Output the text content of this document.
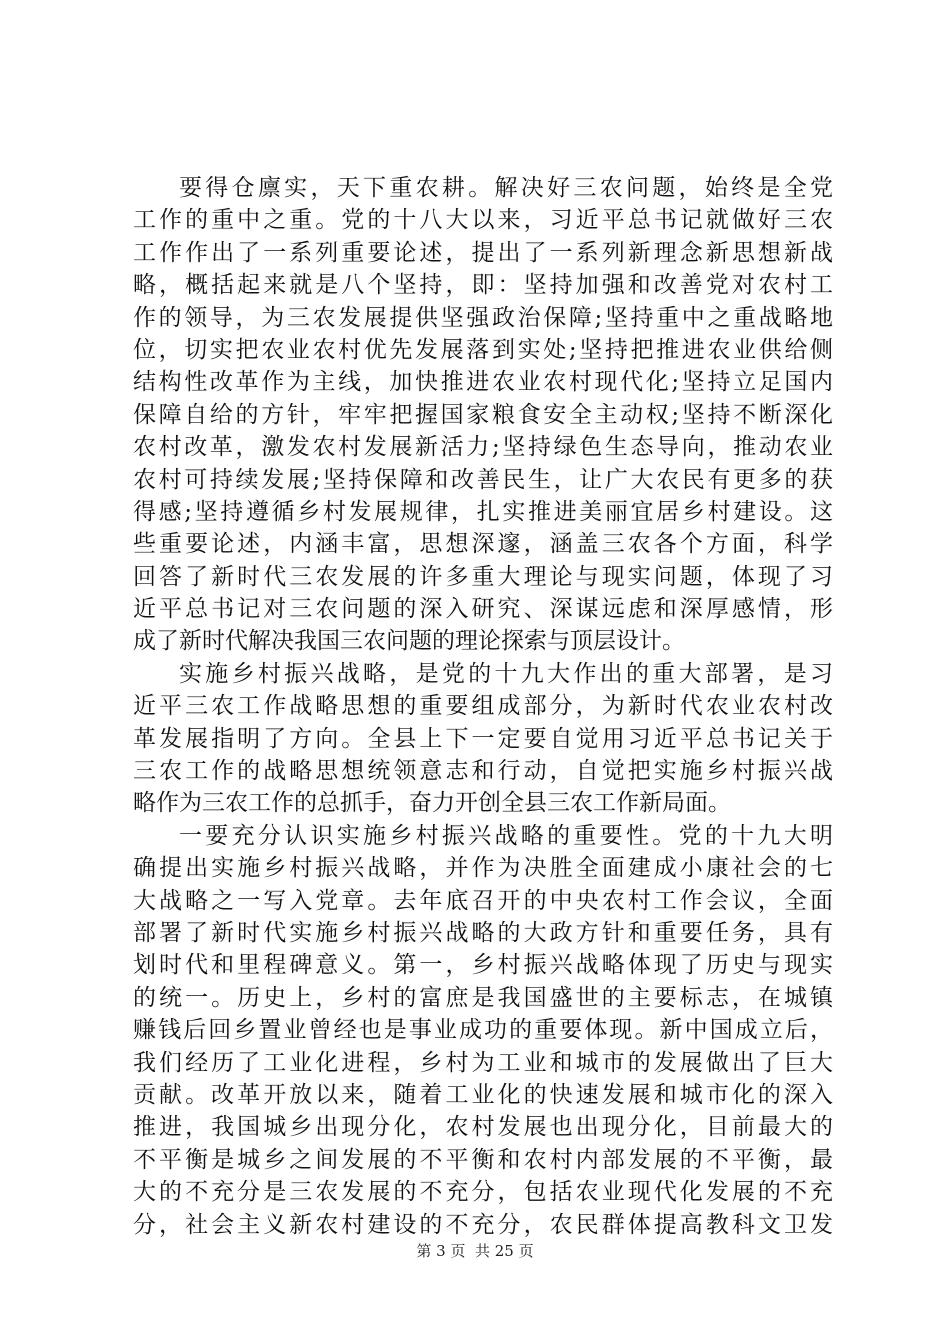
要得仓廪实，天下重农耕。解决好三农问题，始终是全党
工作的重中之重。党的十八大以来，习近平总书记就做好三农
工作作出了一系列重要论述，提出了一系列新理念新思想新战
略，概括起来就是八个坚持，即：坚持加强和改善党对农村工
作的领导，为三农发展提供坚强政治保障;坚持重中之重战略地
位，切实把农业农村优先发展落到实处;坚持把推进农业供给侧
结构性改革作为主线，加快推进农业农村现代化;坚持立足国内
保障自给的方针，牢牢把握国家粮食安全主动权;坚持不断深化
农村改革，激发农村发展新活力;坚持绿色生态导向，推动农业
农村可持续发展;坚持保障和改善民生，让广大农民有更多的获
得感;坚持遵循乡村发展规律，扎实推进美丽宜居乡村建设。这
些重要论述，内涵丰富，思想深邃，涵盖三农各个方面，科学
回答了新时代三农发展的许多重大理论与现实问题，体现了习
近平总书记对三农问题的深入研究、深谋远虑和深厚感情，形
成了新时代解决我国三农问题的理论探索与顶层设计。
实施乡村振兴战略，是党的十九大作出的重大部署，是习
近平三农工作战略思想的重要组成部分，为新时代农业农村改
革发展指明了方向。全县上下一定要自觉用习近平总书记关于
三农工作的战略思想统领意志和行动，自觉把实施乡村振兴战
略作为三农工作的总抓手，奋力开创全县三农工作新局面。
一要充分认识实施乡村振兴战略的重要性。党的十九大明
确提出实施乡村振兴战略，并作为决胜全面建成小康社会的七
大战略之一写入党章。去年底召开的中央农村工作会议，全面
部署了新时代实施乡村振兴战略的大政方针和重要任务，具有
划时代和里程碑意义。第一，乡村振兴战略体现了历史与现实
的统一。历史上，乡村的富庶是我国盛世的主要标志，在城镇
赚钱后回乡置业曾经也是事业成功的重要体现。新中国成立后，
我们经历了工业化进程，乡村为工业和城市的发展做出了巨大
贡献。改革开放以来，随着工业化的快速发展和城市化的深入
推进，我国城乡出现分化，农村发展也出现分化，目前最大的
不平衡是城乡之间发展的不平衡和农村内部发展的不平衡，最
大的不充分是三农发展的不充分，包括农业现代化发展的不充
分，社会主义新农村建设的不充分，农民群体提高教科文卫发
第 3 页  共 25 页
